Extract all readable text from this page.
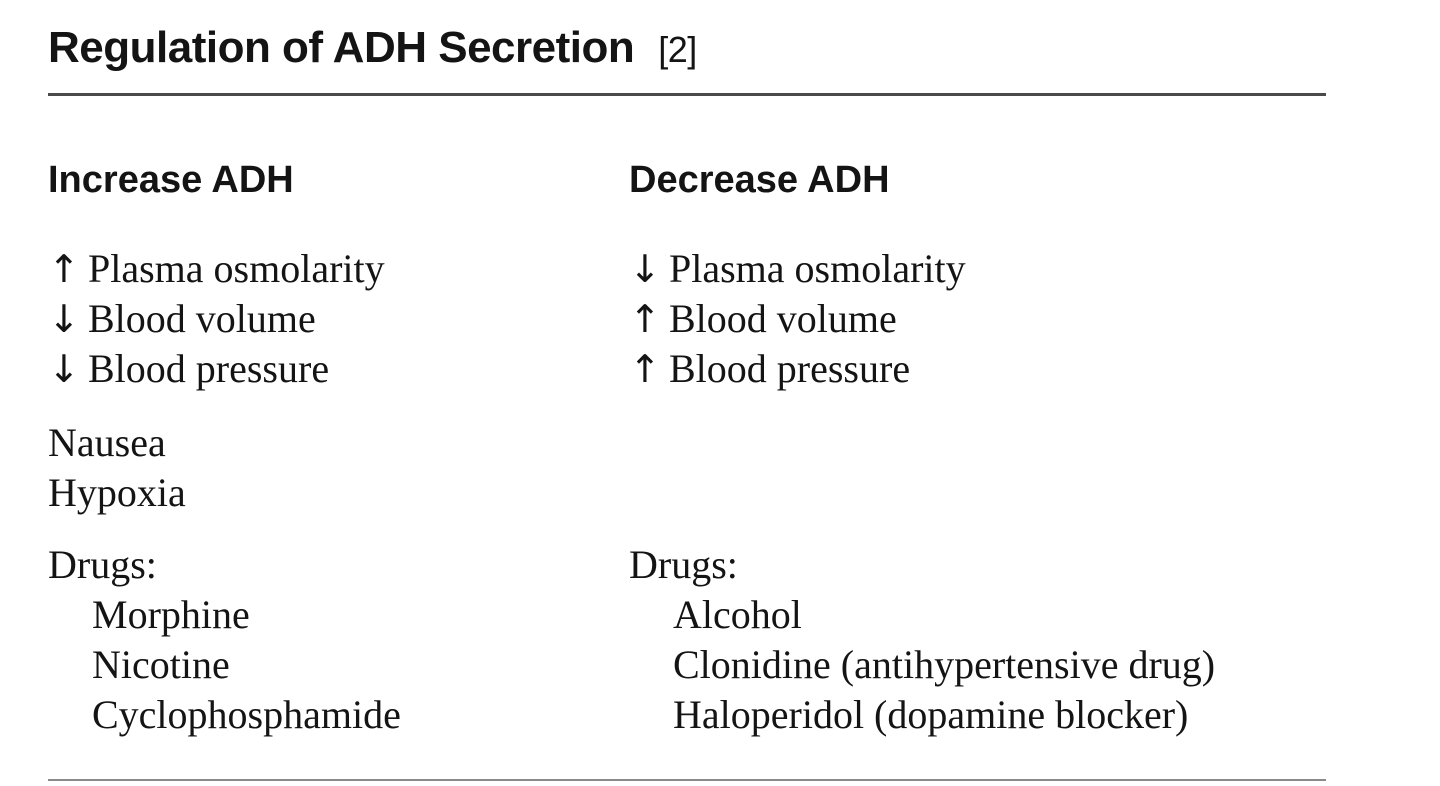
Regulation of ADH Secretion [2]
Increase ADH
↑ Plasma osmolarity
↓ Blood volume
↓ Blood pressure
Nausea
Hypoxia
Drugs:
Morphine
Nicotine
Cyclophosphamide
Decrease ADH
↓ Plasma osmolarity
↑ Blood volume
↑ Blood pressure
Drugs:
Alcohol
Clonidine (antihypertensive drug)
Haloperidol (dopamine blocker)
